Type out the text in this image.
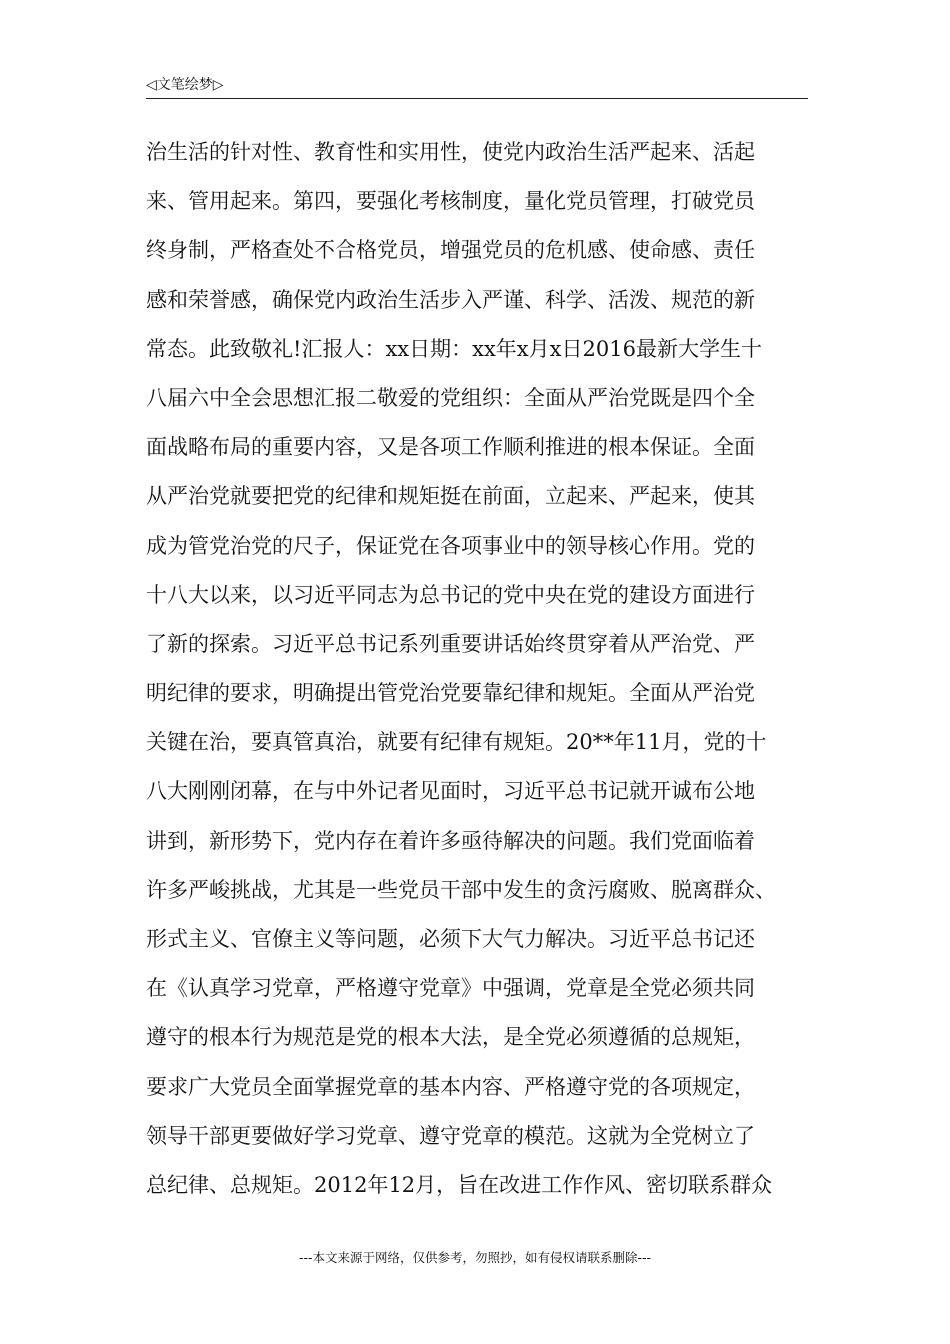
◁文笔绘梦▷
治生活的针对性、教育性和实用性，使党内政治生活严起来、活起
来、管用起来。第四，要强化考核制度，量化党员管理，打破党员
终身制，严格查处不合格党员，增强党员的危机感、使命感、责任
感和荣誉感，确保党内政治生活步入严谨、科学、活泼、规范的新
常态。此致敬礼!汇报人：xx日期：xx年x月x日2016最新大学生十
八届六中全会思想汇报二敬爱的党组织：全面从严治党既是四个全
面战略布局的重要内容，又是各项工作顺利推进的根本保证。全面
从严治党就要把党的纪律和规矩挺在前面，立起来、严起来，使其
成为管党治党的尺子，保证党在各项事业中的领导核心作用。党的
十八大以来，以习近平同志为总书记的党中央在党的建设方面进行
了新的探索。习近平总书记系列重要讲话始终贯穿着从严治党、严
明纪律的要求，明确提出管党治党要靠纪律和规矩。全面从严治党
关键在治，要真管真治，就要有纪律有规矩。20**年11月，党的十
八大刚刚闭幕，在与中外记者见面时，习近平总书记就开诚布公地
讲到，新形势下，党内存在着许多亟待解决的问题。我们党面临着
许多严峻挑战，尤其是一些党员干部中发生的贪污腐败、脱离群众、
形式主义、官僚主义等问题，必须下大气力解决。习近平总书记还
在《认真学习党章，严格遵守党章》中强调，党章是全党必须共同
遵守的根本行为规范是党的根本大法，是全党必须遵循的总规矩，
要求广大党员全面掌握党章的基本内容、严格遵守党的各项规定，
领导干部更要做好学习党章、遵守党章的模范。这就为全党树立了
总纪律、总规矩。2012年12月，旨在改进工作作风、密切联系群众
---本文来源于网络，仅供参考，勿照抄，如有侵权请联系删除---
